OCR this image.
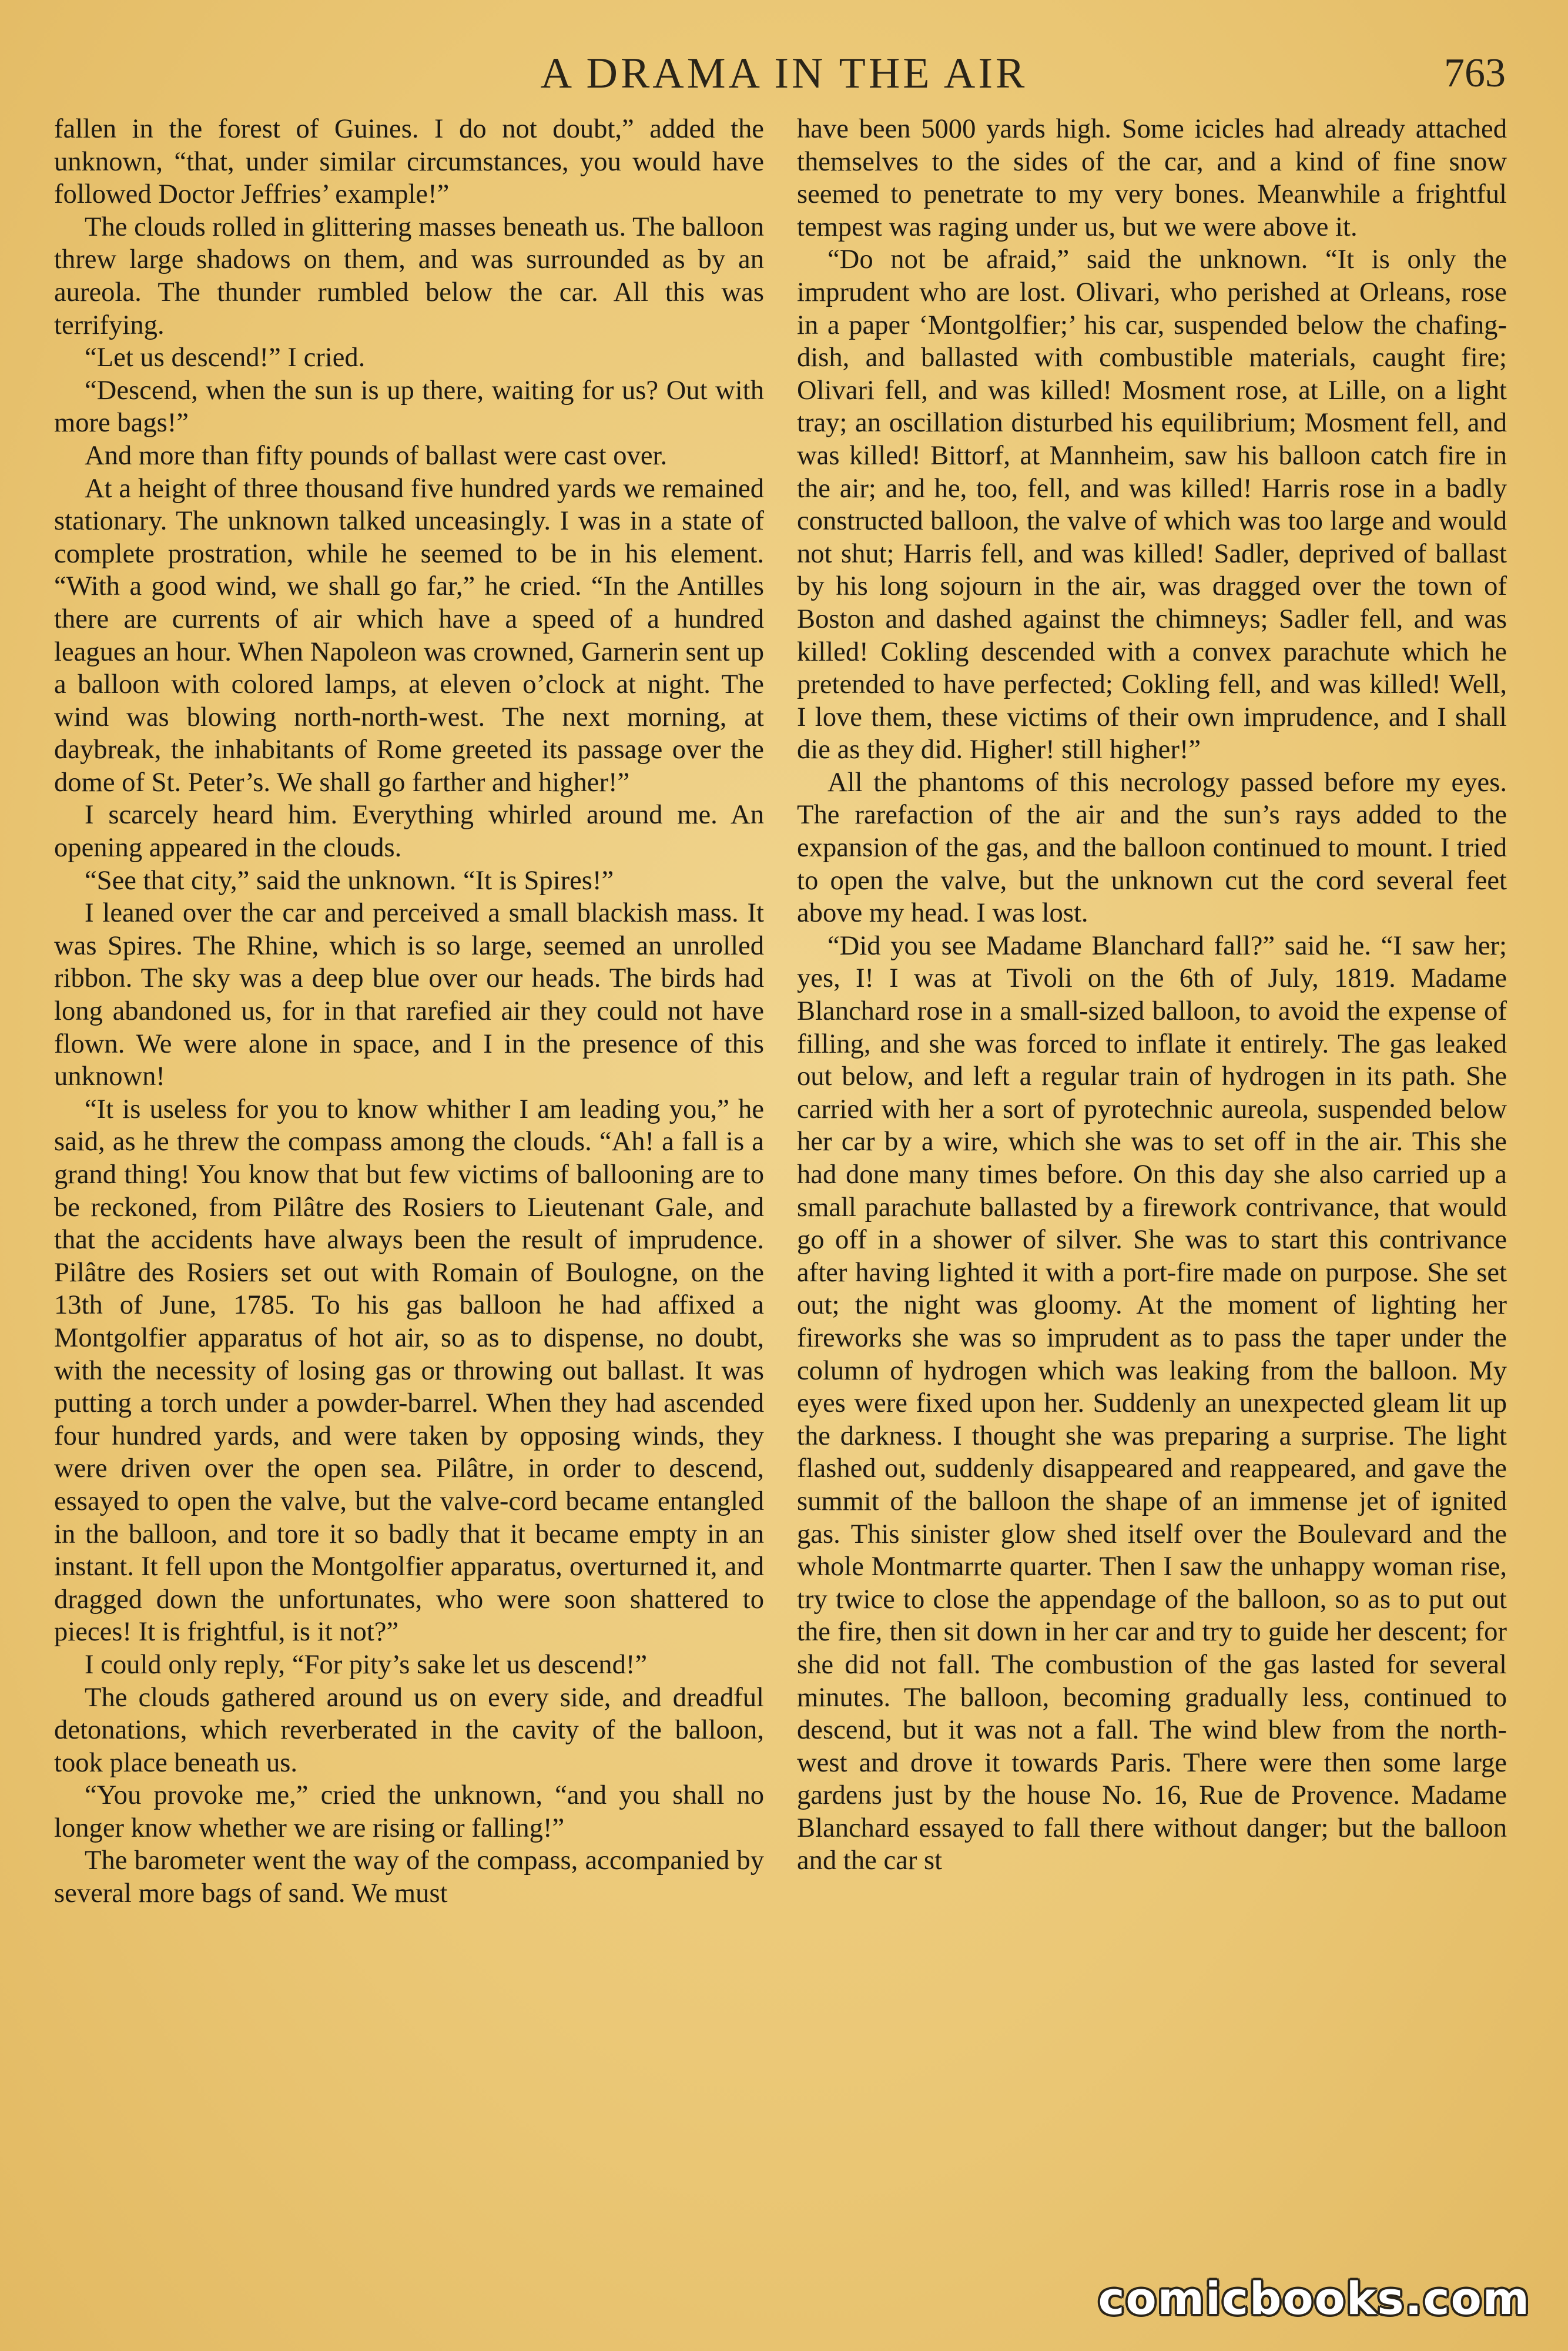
A DRAMA IN THE AIR	763

fallen in the forest of Guines. I do not doubt,” added the unknown, “that, under similar circumstances, you would have followed Doctor Jeffries’ example!”

The clouds rolled in glittering masses beneath us. The balloon threw large shadows on them, and was surrounded as by an aureola. The thunder rumbled below the car. All this was terrifying.

“Let us descend!” I cried.

“Descend, when the sun is up there, waiting for us? Out with more bags!”

And more than fifty pounds of ballast were cast over.

At a height of three thousand five hundred yards we remained stationary. The unknown talked unceasingly. I was in a state of complete prostration, while he seemed to be in his element. “With a good wind, we shall go far,” he cried. “In the Antilles there are currents of air which have a speed of a hundred leagues an hour. When Napoleon was crowned, Garnerin sent up a balloon with colored lamps, at eleven o’clock at night. The wind was blowing north-north-west. The next morning, at daybreak, the inhabitants of Rome greeted its passage over the dome of St. Peter’s. We shall go farther and higher!”

I scarcely heard him. Everything whirled around me. An opening appeared in the clouds.

“See that city,” said the unknown. “It is Spires!”

I leaned over the car and perceived a small blackish mass. It was Spires. The Rhine, which is so large, seemed an unrolled ribbon. The sky was a deep blue over our heads. The birds had long abandoned us, for in that rarefied air they could not have flown. We were alone in space, and I in the presence of this unknown!

“It is useless for you to know whither I am leading you,” he said, as he threw the compass among the clouds. “Ah! a fall is a grand thing! You know that but few victims of ballooning are to be reckoned, from Pilâtre des Rosiers to Lieutenant Gale, and that the accidents have always been the result of imprudence. Pilâtre des Rosiers set out with Romain of Boulogne, on the 13th of June, 1785. To his gas balloon he had affixed a Montgolfier apparatus of hot air, so as to dispense, no doubt, with the necessity of losing gas or throwing out ballast. It was putting a torch under a powder-barrel. When they had ascended four hundred yards, and were taken by opposing winds, they were driven over the open sea. Pilâtre, in order to descend, essayed to open the valve, but the valve-cord became entangled in the balloon, and tore it so badly that it became empty in an instant. It fell upon the Montgolfier apparatus, overturned it, and dragged down the unfortunates, who were soon shattered to pieces! It is frightful, is it not?”

I could only reply, “For pity’s sake let us descend!”

The clouds gathered around us on every side, and dreadful detonations, which reverberated in the cavity of the balloon, took place beneath us.

“You provoke me,” cried the unknown, “and you shall no longer know whether we are rising or falling!”

The barometer went the way of the compass, accompanied by several more bags of sand. We must

have been 5000 yards high. Some icicles had already attached themselves to the sides of the car, and a kind of fine snow seemed to penetrate to my very bones. Meanwhile a frightful tempest was raging under us, but we were above it.

“Do not be afraid,” said the unknown. “It is only the imprudent who are lost. Olivari, who perished at Orleans, rose in a paper ‘Montgolfier;’ his car, suspended below the chafing-dish, and ballasted with combustible materials, caught fire; Olivari fell, and was killed! Mosment rose, at Lille, on a light tray; an oscillation disturbed his equilibrium; Mosment fell, and was killed! Bittorf, at Mannheim, saw his balloon catch fire in the air; and he, too, fell, and was killed! Harris rose in a badly constructed balloon, the valve of which was too large and would not shut; Harris fell, and was killed! Sadler, deprived of ballast by his long sojourn in the air, was dragged over the town of Boston and dashed against the chimneys; Sadler fell, and was killed! Cokling descended with a convex parachute which he pretended to have perfected; Cokling fell, and was killed! Well, I love them, these victims of their own imprudence, and I shall die as they did. Higher! still higher!”

All the phantoms of this necrology passed before my eyes. The rarefaction of the air and the sun’s rays added to the expansion of the gas, and the balloon continued to mount. I tried to open the valve, but the unknown cut the cord several feet above my head. I was lost.

“Did you see Madame Blanchard fall?” said he. “I saw her; yes, I! I was at Tivoli on the 6th of July, 1819. Madame Blanchard rose in a small-sized balloon, to avoid the expense of filling, and she was forced to inflate it entirely. The gas leaked out below, and left a regular train of hydrogen in its path. She carried with her a sort of pyrotechnic aureola, suspended below her car by a wire, which she was to set off in the air. This she had done many times before. On this day she also carried up a small parachute ballasted by a firework contrivance, that would go off in a shower of silver. She was to start this contrivance after having lighted it with a port-fire made on purpose. She set out; the night was gloomy. At the moment of lighting her fireworks she was so imprudent as to pass the taper under the column of hydrogen which was leaking from the balloon. My eyes were fixed upon her. Suddenly an unexpected gleam lit up the darkness. I thought she was preparing a surprise. The light flashed out, suddenly disappeared and reappeared, and gave the summit of the balloon the shape of an immense jet of ignited gas. This sinister glow shed itself over the Boulevard and the whole Montmarrte quarter. Then I saw the unhappy woman rise, try twice to close the appendage of the balloon, so as to put out the fire, then sit down in her car and try to guide her descent; for she did not fall. The combustion of the gas lasted for several minutes. The balloon, becoming gradually less, continued to descend, but it was not a fall. The wind blew from the north-west and drove it towards Paris. There were then some large gardens just by the house No. 16, Rue de Provence. Madame Blanchard essayed to fall there without danger; but the balloon and the car st

comicbooks.com
